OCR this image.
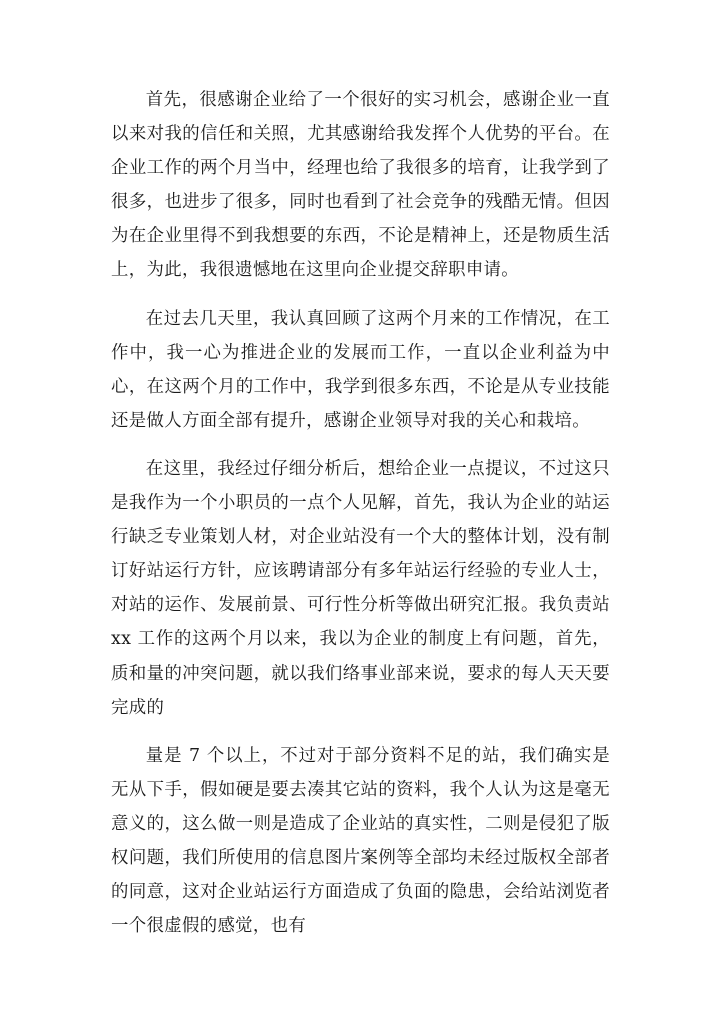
首先，很感谢企业给了一个很好的实习机会，感谢企业一直以来对我的信任和关照，尤其感谢给我发挥个人优势的平台。在企业工作的两个月当中，经理也给了我很多的培育，让我学到了很多，也进步了很多，同时也看到了社会竞争的残酷无情。但因为在企业里得不到我想要的东西，不论是精神上，还是物质生活上，为此，我很遗憾地在这里向企业提交辞职申请。

在过去几天里，我认真回顾了这两个月来的工作情况，在工作中，我一心为推进企业的发展而工作，一直以企业利益为中心，在这两个月的工作中，我学到很多东西，不论是从专业技能还是做人方面全部有提升，感谢企业领导对我的关心和栽培。

在这里，我经过仔细分析后，想给企业一点提议，不过这只是我作为一个小职员的一点个人见解，首先，我认为企业的站运行缺乏专业策划人材，对企业站没有一个大的整体计划，没有制订好站运行方针，应该聘请部分有多年站运行经验的专业人士，对站的运作、发展前景、可行性分析等做出研究汇报。我负责站 xx 工作的这两个月以来，我以为企业的制度上有问题，首先，质和量的冲突问题，就以我们络事业部来说，要求的每人天天要完成的

量是 7 个以上，不过对于部分资料不足的站，我们确实是无从下手，假如硬是要去凑其它站的资料，我个人认为这是毫无意义的，这么做一则是造成了企业站的真实性，二则是侵犯了版权问题，我们所使用的信息图片案例等全部均未经过版权全部者的同意，这对企业站运行方面造成了负面的隐患，会给站浏览者一个很虚假的感觉，也有
